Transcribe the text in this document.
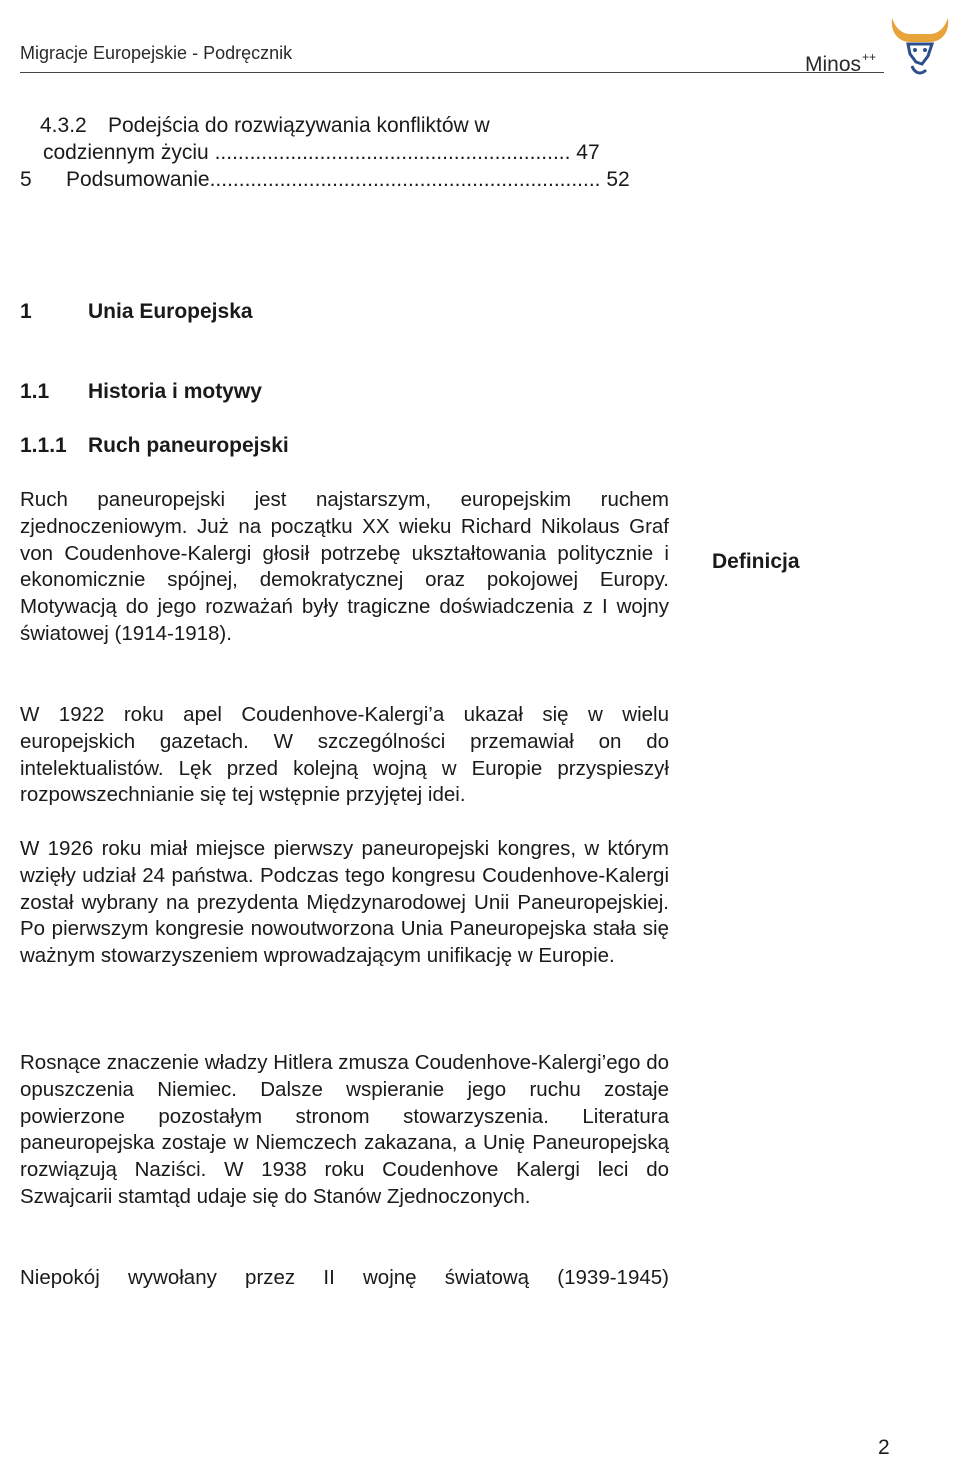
Migracje Europejskie - Podręcznik	Minos++
4.3.2 Podejścia do rozwiązywania konfliktów w
codziennym życiu ............................................................. 47
5 Podsumowanie................................................................... 52
1	Unia Europejska
1.1 Historia i motywy
1.1.1 Ruch paneuropejski
Definicja

Ruch paneuropejski jest najstarszym, europejskim ruchem zjednoczeniowym. Już na początku XX wieku Richard Nikolaus Graf von Coudenhove-Kalergi głosił potrzebę ukształtowania politycznie i ekonomicznie spójnej, demokratycznej oraz pokojowej Europy. Motywacją do jego rozważań były tragiczne doświadczenia z I wojny światowej (1914-1918).

W 1922 roku apel Coudenhove-Kalergi’a ukazał się w wielu europejskich gazetach. W szczególności przemawiał on do intelektualistów. Lęk przed kolejną wojną w Europie przyspieszył rozpowszechnianie się tej wstępnie przyjętej idei.

W 1926 roku miał miejsce pierwszy paneuropejski kongres, w którym wzięły udział 24 państwa. Podczas tego kongresu Coudenhove-Kalergi został wybrany na prezydenta Międzynarodowej Unii Paneuropejskiej. Po pierwszym kongresie nowoutworzona Unia Paneuropejska stała się ważnym stowarzyszeniem wprowadzającym unifikację w Europie.

Rosnące znaczenie władzy Hitlera zmusza Coudenhove-Kalergi’ego do opuszczenia Niemiec. Dalsze wspieranie jego ruchu zostaje powierzone pozostałym stronom stowarzyszenia. Literatura paneuropejska zostaje w Niemczech zakazana, a Unię Paneuropejską rozwiązują Naziści. W 1938 roku Coudenhove Kalergi leci do Szwajcarii stamtąd udaje się do Stanów Zjednoczonych.

Niepokój wywołany przez II wojnę światową (1939-1945)

2
